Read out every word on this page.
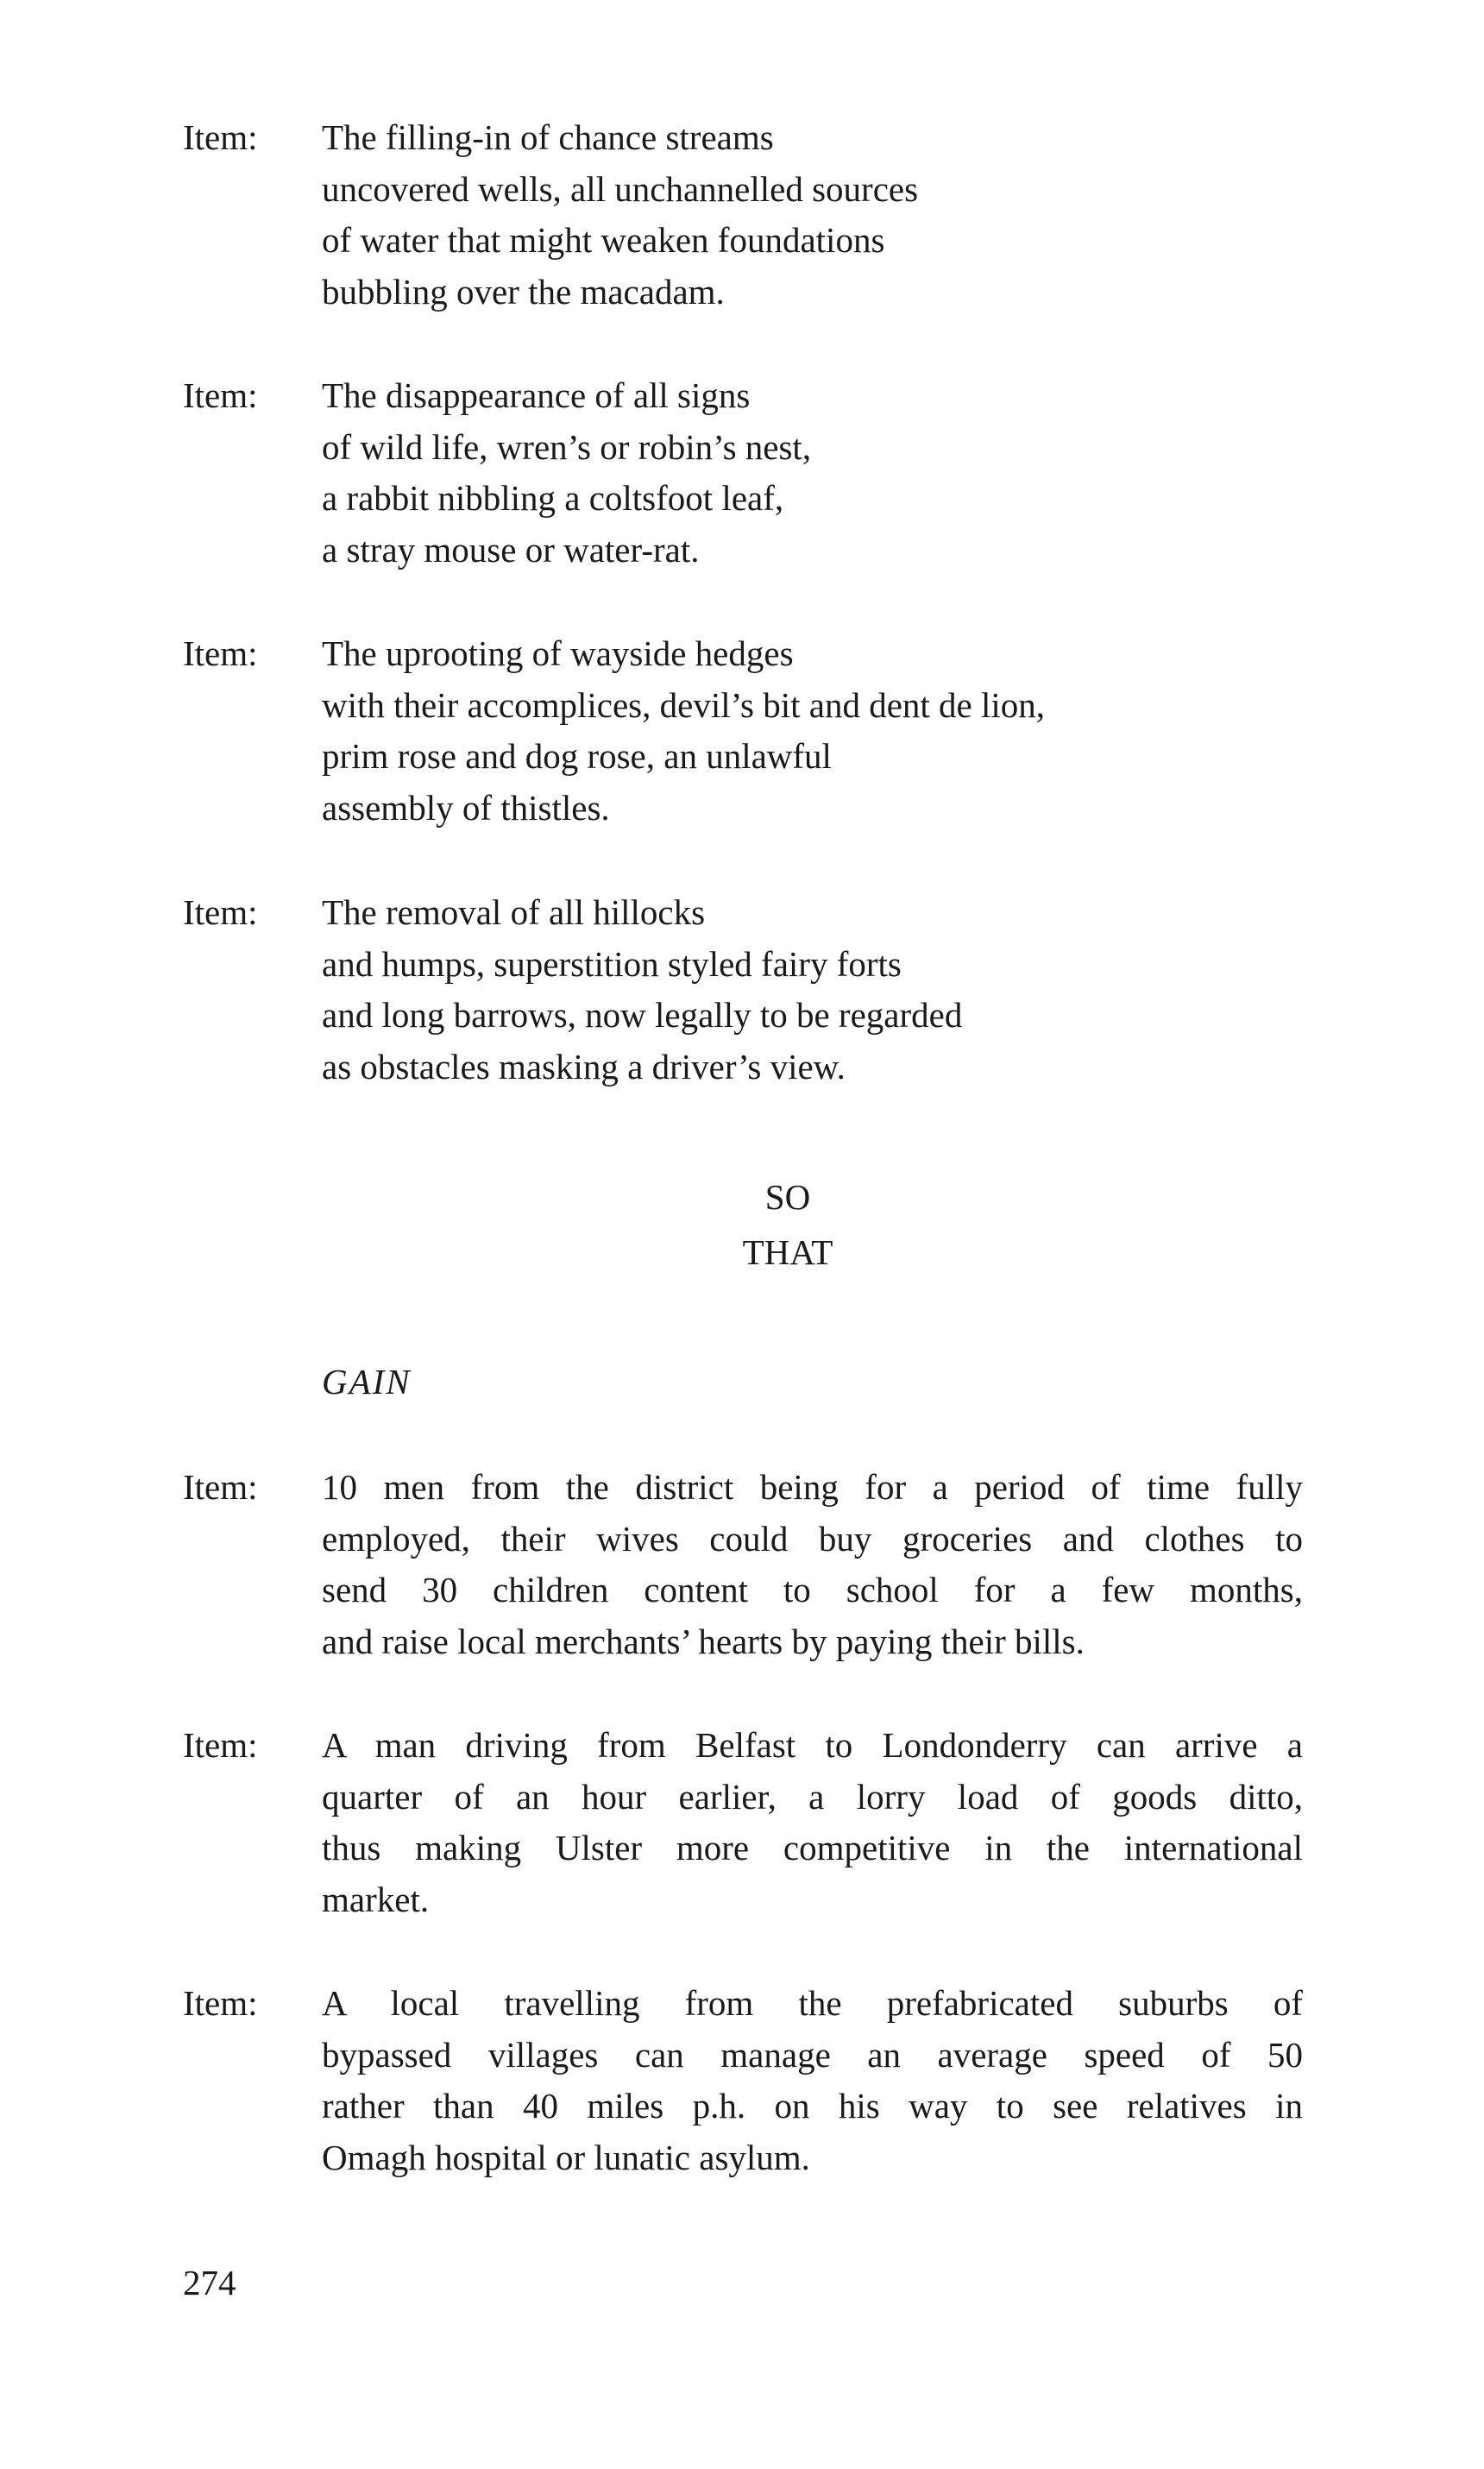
Item: The filling-in of chance streams
uncovered wells, all unchannelled sources
of water that might weaken foundations
bubbling over the macadam.
Item: The disappearance of all signs
of wild life, wren’s or robin’s nest,
a rabbit nibbling a coltsfoot leaf,
a stray mouse or water-rat.
Item: The uprooting of wayside hedges
with their accomplices, devil’s bit and dent de lion,
prim rose and dog rose, an unlawful
assembly of thistles.
Item: The removal of all hillocks
and humps, superstition styled fairy forts
and long barrows, now legally to be regarded
as obstacles masking a driver’s view.
SO
THAT
GAIN
Item: 10 men from the district being for a period of time fully
employed, their wives could buy groceries and clothes to
send 30 children content to school for a few months,
and raise local merchants’ hearts by paying their bills.
Item: A man driving from Belfast to Londonderry can arrive a
quarter of an hour earlier, a lorry load of goods ditto,
thus making Ulster more competitive in the international
market.
Item: A local travelling from the prefabricated suburbs of
bypassed villages can manage an average speed of 50
rather than 40 miles p.h. on his way to see relatives in
Omagh hospital or lunatic asylum.
274
